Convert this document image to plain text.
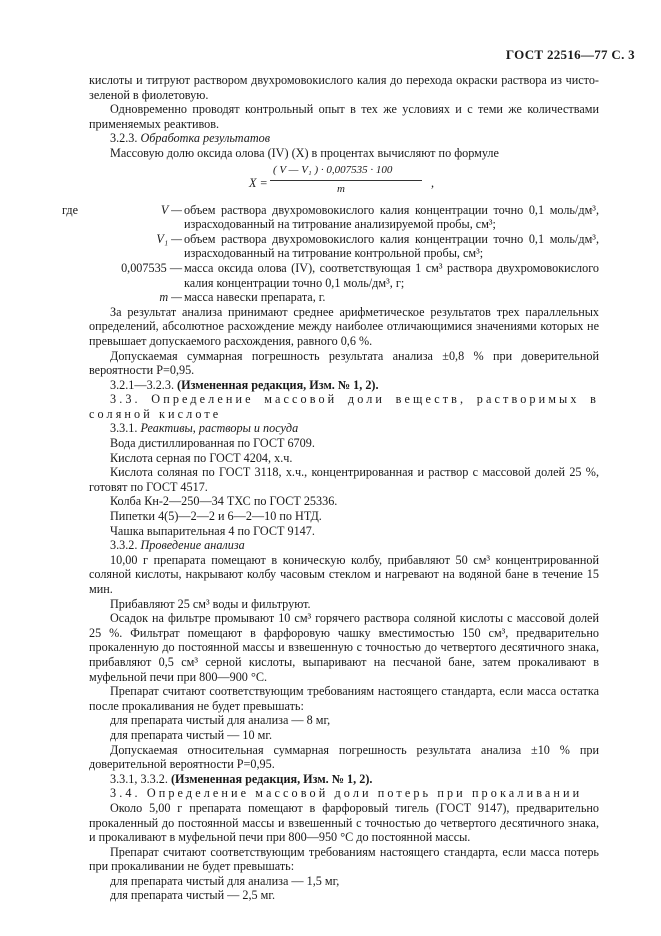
ГОСТ 22516—77 С. 3

кислоты и титруют раствором двухромовокислого калия до перехода окраски раствора из чисто-зеленой в фиолетовую.

Одновременно проводят контрольный опыт в тех же условиях и с теми же количествами применяемых реактивов.

3.2.3. Обработка результатов

Массовую долю оксида олова (IV) (X) в процентах вычисляют по формуле

X =
( V — V₁ ) · 0,007535 · 100
m	,
где	V — объем раствора двухромовокислого калия концентрации точно 0,1 моль/дм³, израсходованный на титрование анализируемой пробы, см³;
V₁ — объем раствора двухромовокислого калия концентрации точно 0,1 моль/дм³, израсходованный на титрование контрольной пробы, см³;
0,007535 — масса оксида олова (IV), соответствующая 1 см³ раствора двухромовокислого калия концентрации точно 0,1 моль/дм³, г;
m — масса навески препарата, г.

За результат анализа принимают среднее арифметическое результатов трех параллельных определений, абсолютное расхождение между наиболее отличающимися значениями которых не превышает допускаемого расхождения, равного 0,6 %.

Допускаемая суммарная погрешность результата анализа ±0,8 % при доверительной вероятности Р=0,95.

3.2.1—3.2.3. (Измененная редакция, Изм. № 1, 2).

3.3. Определение массовой доли веществ, растворимых в соляной кислоте

3.3.1. Реактивы, растворы и посуда

Вода дистиллированная по ГОСТ 6709.

Кислота серная по ГОСТ 4204, х.ч.

Кислота соляная по ГОСТ 3118, х.ч., концентрированная и раствор с массовой долей 25 %, готовят по ГОСТ 4517.

Колба Кн-2—250—34 ТХС по ГОСТ 25336.

Пипетки 4(5)—2—2 и 6—2—10 по НТД.

Чашка выпарительная 4 по ГОСТ 9147.

3.3.2. Проведение анализа

10,00 г препарата помещают в коническую колбу, прибавляют 50 см³ концентрированной соляной кислоты, накрывают колбу часовым стеклом и нагревают на водяной бане в течение 15 мин.

Прибавляют 25 см³ воды и фильтруют.

Осадок на фильтре промывают 10 см³ горячего раствора соляной кислоты с массовой долей 25 %. Фильтрат помещают в фарфоровую чашку вместимостью 150 см³, предварительно прокаленную до постоянной массы и взвешенную с точностью до четвертого десятичного знака, прибавляют 0,5 см³ серной кислоты, выпаривают на песчаной бане, затем прокаливают в муфельной печи при 800—900 °С.

Препарат считают соответствующим требованиям настоящего стандарта, если масса остатка после прокаливания не будет превышать:

для препарата чистый для анализа — 8 мг,

для препарата чистый — 10 мг.

Допускаемая относительная суммарная погрешность результата анализа ±10 % при доверительной вероятности Р=0,95.

3.3.1, 3.3.2. (Измененная редакция, Изм. № 1, 2).

3.4. Определение массовой доли потерь при прокаливании

Около 5,00 г препарата помещают в фарфоровый тигель (ГОСТ 9147), предварительно прокаленный до постоянной массы и взвешенный с точностью до четвертого десятичного знака, и прокаливают в муфельной печи при 800—950 °С до постоянной массы.

Препарат считают соответствующим требованиям настоящего стандарта, если масса потерь при прокаливании не будет превышать:

для препарата чистый для анализа — 1,5 мг,

для препарата чистый — 2,5 мг.
